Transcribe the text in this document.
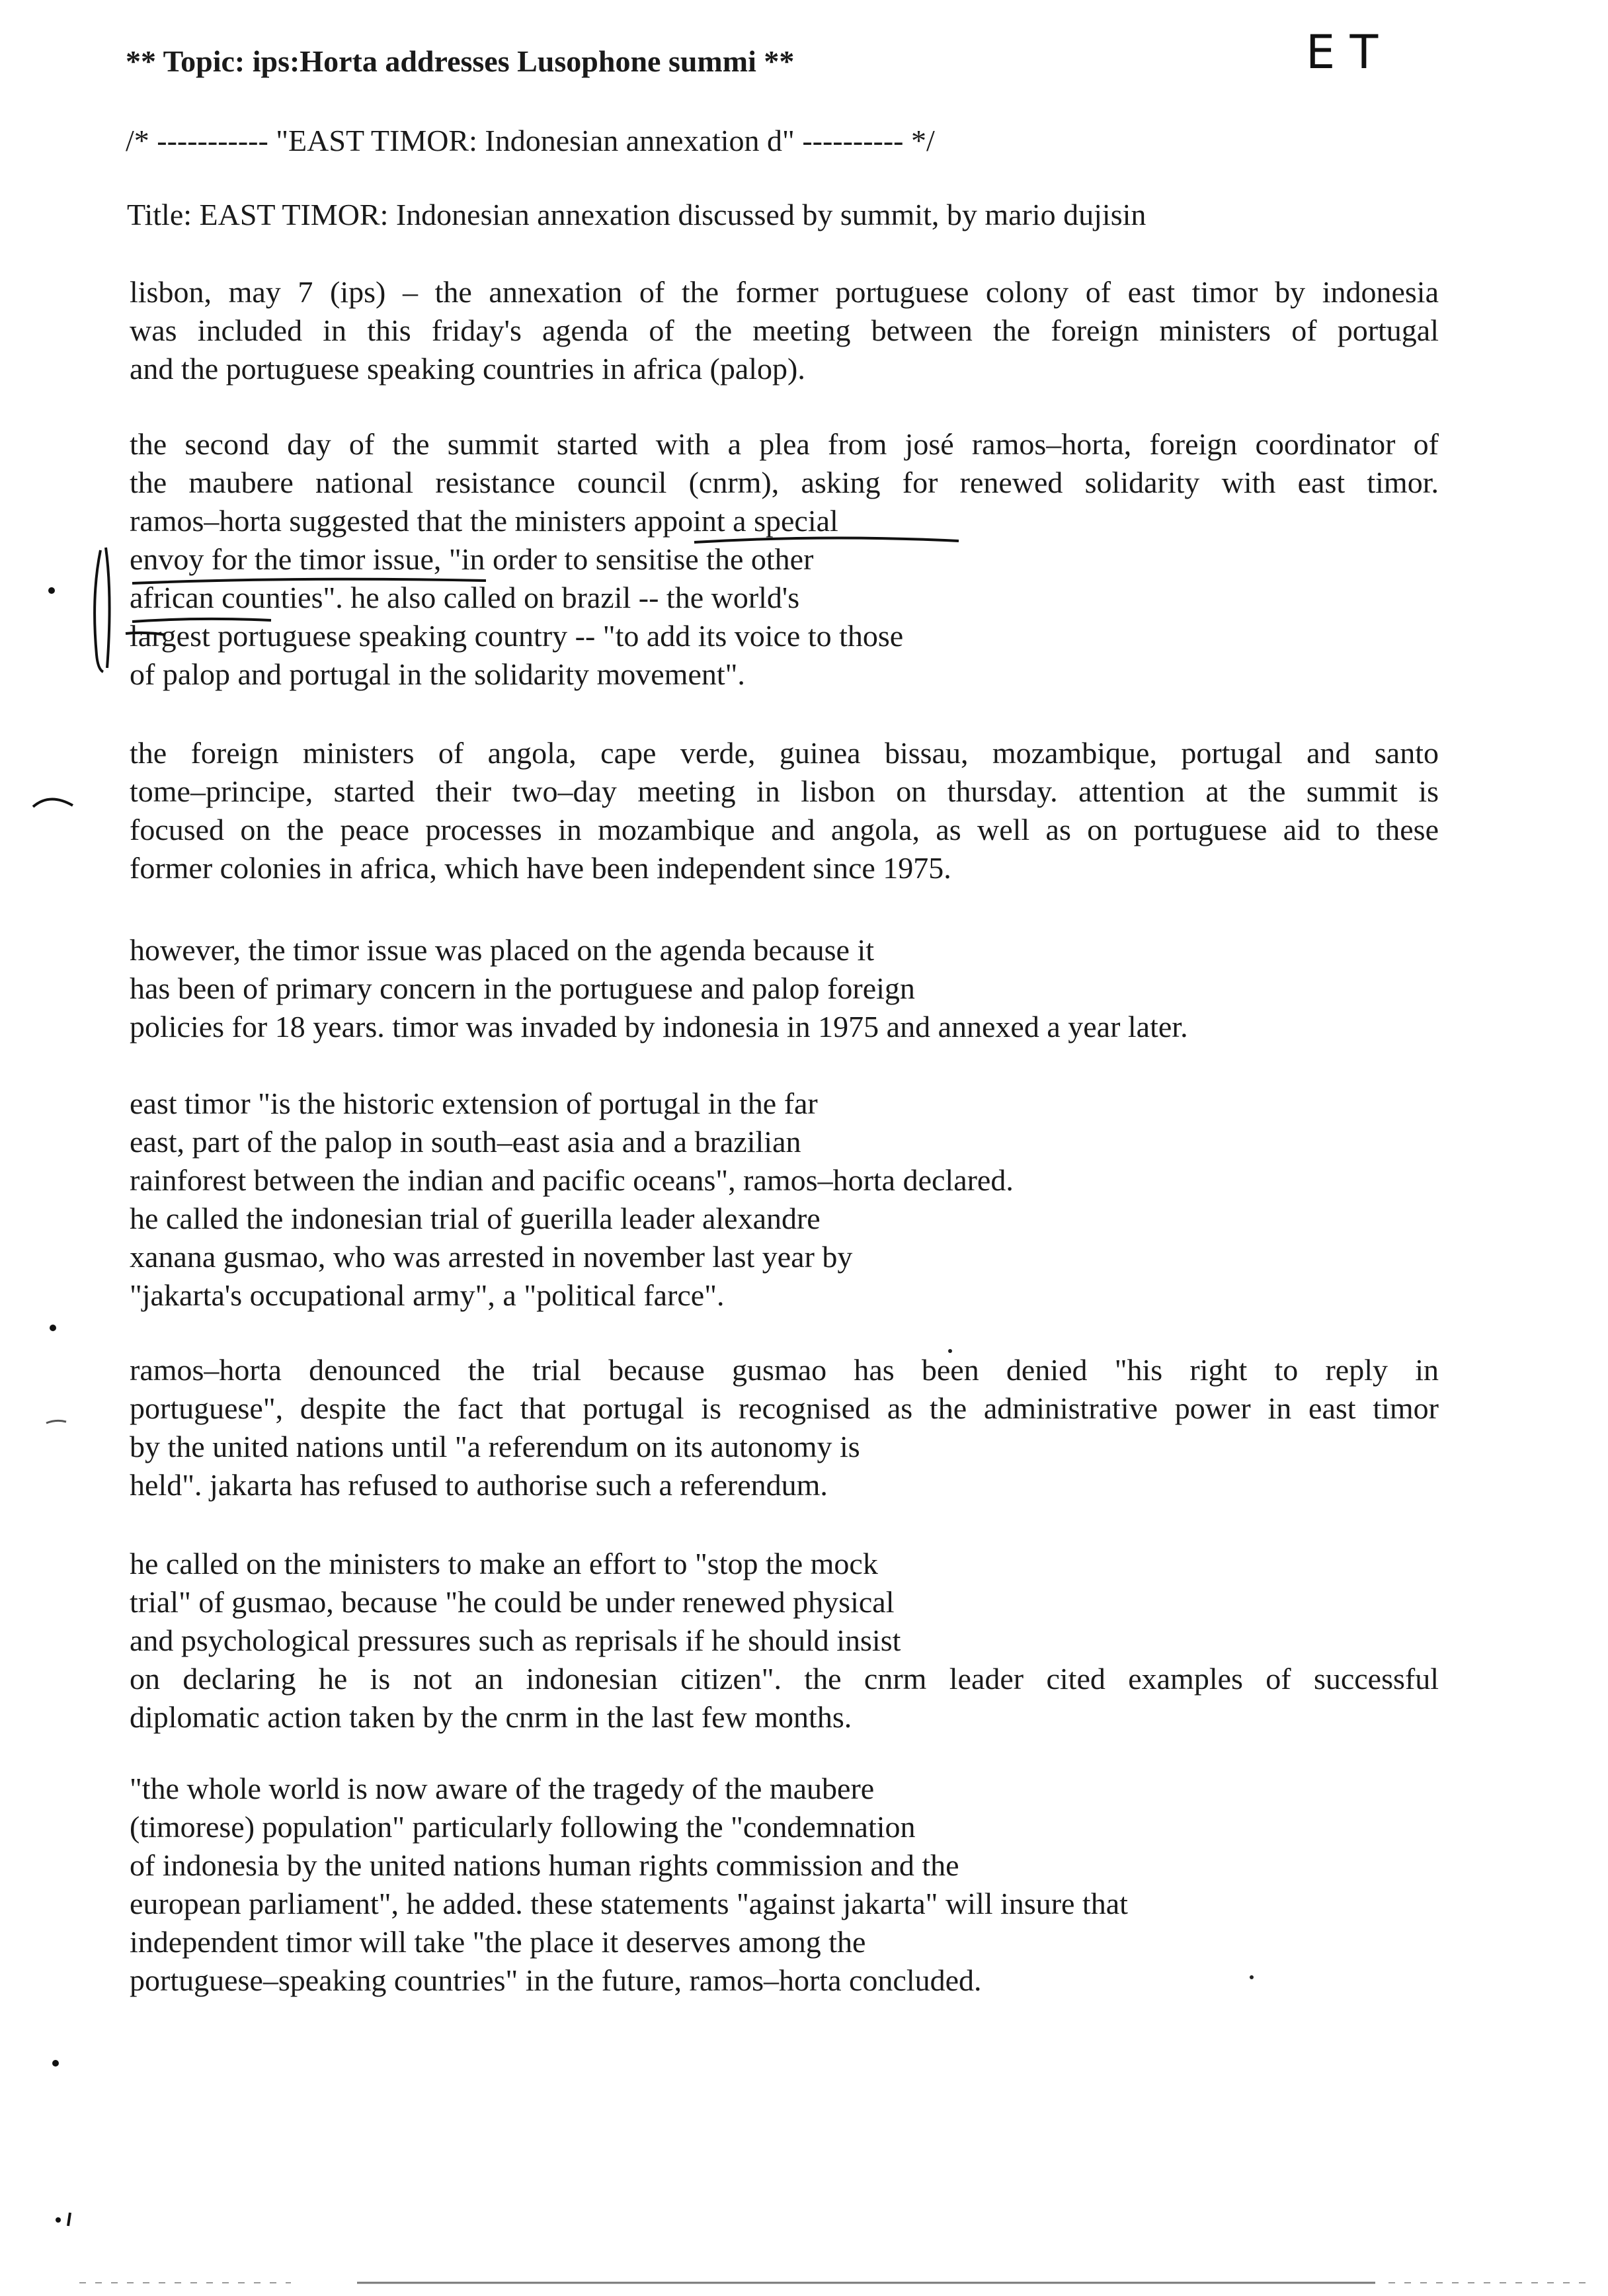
E T
** Topic: ips:Horta addresses Lusophone summi **
/* ----------- "EAST TIMOR: Indonesian annexation d" ---------- */
Title: EAST TIMOR: Indonesian annexation discussed by summit, by mario dujisin
lisbon, may 7 (ips) – the annexation of the former portuguese colony of east timor by indonesia
was included in this friday's agenda of the meeting between the foreign ministers of portugal
and the portuguese speaking countries in africa (palop).
the second day of the summit started with a plea from josé ramos–horta, foreign coordinator of
the maubere national resistance council (cnrm), asking for renewed solidarity with east timor.
ramos–horta suggested that the ministers appoint a special
envoy for the timor issue, "in order to sensitise the other
african counties". he also called on brazil -- the world's
largest portuguese speaking country -- "to add its voice to those
of palop and portugal in the solidarity movement".
the foreign ministers of angola, cape verde, guinea bissau, mozambique, portugal and santo
tome–principe, started their two–day meeting in lisbon on thursday. attention at the summit is
focused on the peace processes in mozambique and angola, as well as on portuguese aid to these
former colonies in africa, which have been independent since 1975.
however, the timor issue was placed on the agenda because it
has been of primary concern in the portuguese and palop foreign
policies for 18 years. timor was invaded by indonesia in 1975 and annexed a year later.
east timor "is the historic extension of portugal in the far
east, part of the palop in south–east asia and a brazilian
rainforest between the indian and pacific oceans", ramos–horta declared.
he called the indonesian trial of guerilla leader alexandre
xanana gusmao, who was arrested in november last year by
"jakarta's occupational army", a "political farce".
ramos–horta denounced the trial because gusmao has been denied "his right to reply in
portuguese", despite the fact that portugal is recognised as the administrative power in east timor
by the united nations until "a referendum on its autonomy is
held". jakarta has refused to authorise such a referendum.
he called on the ministers to make an effort to "stop the mock
trial" of gusmao, because "he could be under renewed physical
and psychological pressures such as reprisals if he should insist
on declaring he is not an indonesian citizen". the cnrm leader cited examples of successful
diplomatic action taken by the cnrm in the last few months.
"the whole world is now aware of the tragedy of the maubere
(timorese) population" particularly following the "condemnation
of indonesia by the united nations human rights commission and the
european parliament", he added. these statements "against jakarta" will insure that
independent timor will take "the place it deserves among the
portuguese–speaking countries" in the future, ramos–horta concluded.
